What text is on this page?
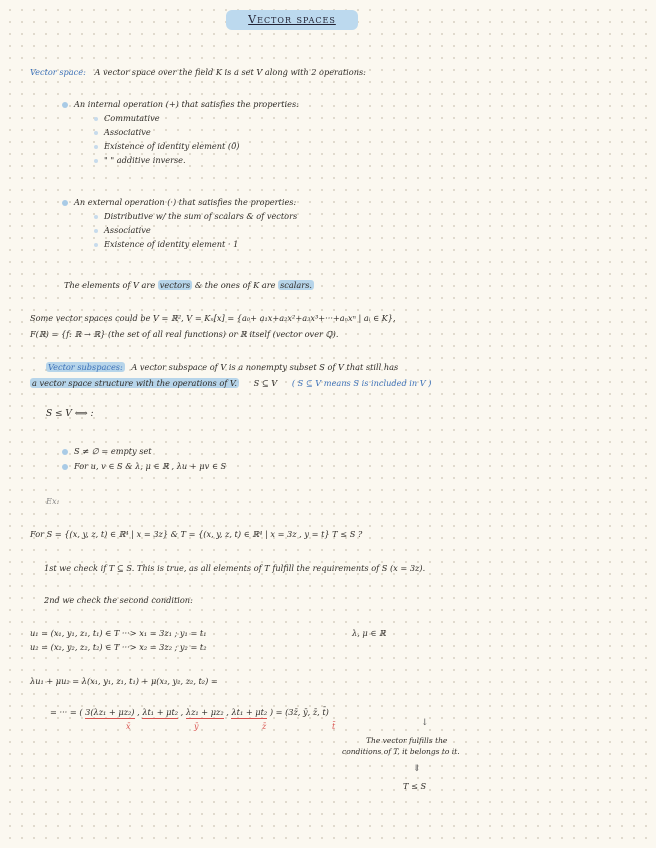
Vector spaces
Vector space: A vector space over the field K is a set V along with 2 operations:
An internal operation (+) that satisfies the properties:
Commutative
Associative
Existence of identity element (0̄)
" " additive inverse.
An external operation (·) that satisfies the properties:
Distributive w/ the sum of scalars & of vectors
Associative
Existence of identity element · 1
The elements of V are vectors & the ones of K are scalars.
Some vector spaces could be V = ℝ², V = Kₙ[x] = {a₀+ a₁x+a₂x²+a₃x³+···+aₙxⁿ | aᵢ ∈ K},
F(ℝ) = {f: ℝ → ℝ} (the set of all real functions) or ℝ itself (vector over ℚ).
Vector subspaces: A vector subspace of V is a nonempty subset S of V that still has
a vector space structure with the operations of V. S ⊆ V ( S ⊆ V means S is included in V )
S ≤ V ⟺ :
S ≠ ∅ = empty set
For u, v ∈ S & λ, μ ∈ ℝ , λu + μv ∈ S
Ex:
For S = {(x, y, z, t) ∈ ℝ⁴ | x = 3z} & T = {(x, y, z, t) ∈ ℝ⁴ | x = 3z , y = t} T ≤ S ?
1st we check if T ⊆ S. This is true, as all elements of T fulfill the requirements of S (x = 3z).
2nd we check the second condition:
u₁ = (x₁, y₁, z₁, t₁) ∈ T ···> x₁ = 3z₁ ; y₁ = t₁	λ, μ ∈ ℝ
u₂ = (x₂, y₂, z₂, t₂) ∈ T ···> x₂ = 3z₂ ; y₂ = t₂
λu₁ + μu₂ = λ(x₁, y₁, z₁, t₁) + μ(x₂, y₂, z₂, t₂) =
= ··· = ( 3(λz₁ + μz₂) , λt₁ + μt₂ , λz₁ + μz₂ , λt₁ + μt₂ ) = (3z̄, ȳ, z̄, t̄)
x̄	ȳ	z̄	t̄	↓
The vector fulfills the
conditions of T, it belongs to it.
⇓
T ≤ S
